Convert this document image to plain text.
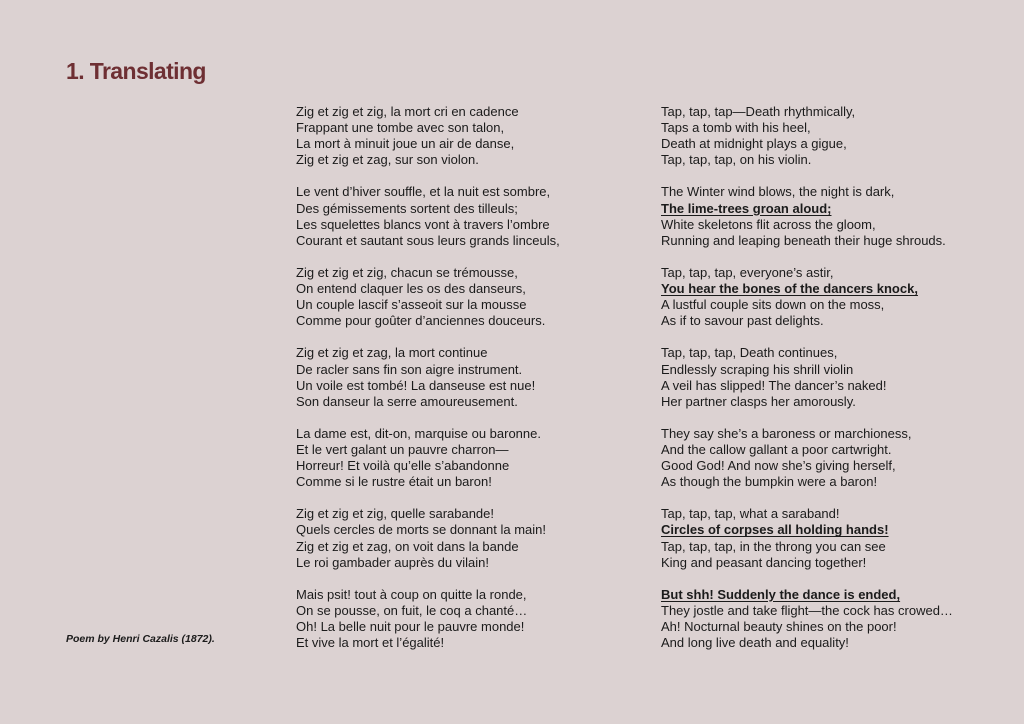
1. Translating
Zig et zig et zig, la mort cri en cadence
Frappant une tombe avec son talon,
La mort à minuit joue un air de danse,
Zig et zig et zag, sur son violon.
Le vent d’hiver souffle, et la nuit est sombre,
Des gémissements sortent des tilleuls;
Les squelettes blancs vont à travers l’ombre
Courant et sautant sous leurs grands linceuls,
Zig et zig et zig, chacun se trémousse,
On entend claquer les os des danseurs,
Un couple lascif s’asseoit sur la mousse
Comme pour goûter d’anciennes douceurs.
Zig et zig et zag, la mort continue
De racler sans fin son aigre instrument.
Un voile est tombé! La danseuse est nue!
Son danseur la serre amoureusement.
La dame est, dit-on, marquise ou baronne.
Et le vert galant un pauvre charron—
Horreur! Et voilà qu’elle s’abandonne
Comme si le rustre était un baron!
Zig et zig et zig, quelle sarabande!
Quels cercles de morts se donnant la main!
Zig et zig et zag, on voit dans la bande
Le roi gambader auprès du vilain!
Mais psit! tout à coup on quitte la ronde,
On se pousse, on fuit, le coq a chanté…
Oh! La belle nuit pour le pauvre monde!
Et vive la mort et l’égalité!
Tap, tap, tap—Death rhythmically,
Taps a tomb with his heel,
Death at midnight plays a gigue,
Tap, tap, tap, on his violin.
The Winter wind blows, the night is dark,
The lime-trees groan aloud;
White skeletons flit across the gloom,
Running and leaping beneath their huge shrouds.
Tap, tap, tap, everyone’s astir,
You hear the bones of the dancers knock,
A lustful couple sits down on the moss,
As if to savour past delights.
Tap, tap, tap, Death continues,
Endlessly scraping his shrill violin
A veil has slipped! The dancer’s naked!
Her partner clasps her amorously.
They say she’s a baroness or marchioness,
And the callow gallant a poor cartwright.
Good God! And now she’s giving herself,
As though the bumpkin were a baron!
Tap, tap, tap, what a saraband!
Circles of corpses all holding hands!
Tap, tap, tap, in the throng you can see
King and peasant dancing together!
But shh! Suddenly the dance is ended,
They jostle and take flight—the cock has crowed…
Ah! Nocturnal beauty shines on the poor!
And long live death and equality!
Poem by Henri Cazalis (1872).
